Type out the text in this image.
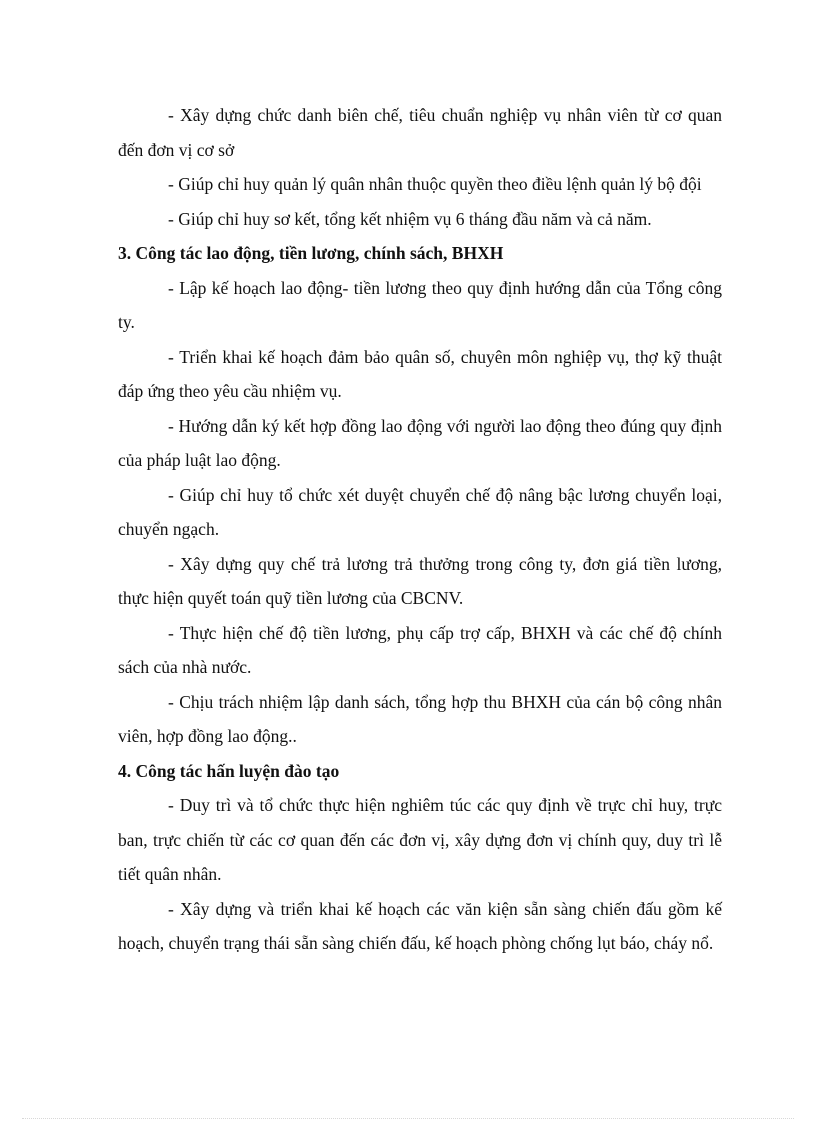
- Xây dựng chức danh biên chế, tiêu chuẩn nghiệp vụ nhân viên từ cơ quan đến đơn vị cơ sở

- Giúp chỉ huy quản lý quân nhân thuộc quyền theo điều lệnh quản lý bộ đội

- Giúp chỉ huy sơ kết, tổng kết nhiệm vụ 6 tháng đầu năm và cả năm.

3. Công tác lao động, tiền lương, chính sách, BHXH

- Lập kế hoạch lao động- tiền lương theo quy định hướng dẫn của Tổng công ty.

- Triển khai kế hoạch đảm bảo quân số, chuyên môn nghiệp vụ, thợ kỹ thuật đáp ứng theo yêu cầu nhiệm vụ.

- Hướng dẫn ký kết hợp đồng lao động với người lao động theo đúng quy định của pháp luật lao động.

- Giúp chỉ huy tổ chức xét duyệt chuyển chế độ nâng bậc lương chuyển loại, chuyển ngạch.

- Xây dựng quy chế trả lương trả thưởng trong công ty, đơn giá tiền lương, thực hiện quyết toán quỹ tiền lương của CBCNV.

- Thực hiện chế độ tiền lương, phụ cấp trợ cấp, BHXH và các chế độ chính sách của nhà nước.

- Chịu trách nhiệm lập danh sách, tổng hợp thu BHXH của cán bộ công nhân viên, hợp đồng lao động..

4. Công tác hấn luyện đào tạo

- Duy trì và tổ chức thực hiện nghiêm túc các quy định về trực chỉ huy, trực ban, trực chiến từ các cơ quan đến các đơn vị, xây dựng đơn vị chính quy, duy trì lễ tiết quân nhân.

- Xây dựng và triển khai kế hoạch các văn kiện sẵn sàng chiến đấu gồm kế hoạch, chuyển trạng thái sẵn sàng chiến đấu, kế hoạch phòng chống lụt báo, cháy nổ.
